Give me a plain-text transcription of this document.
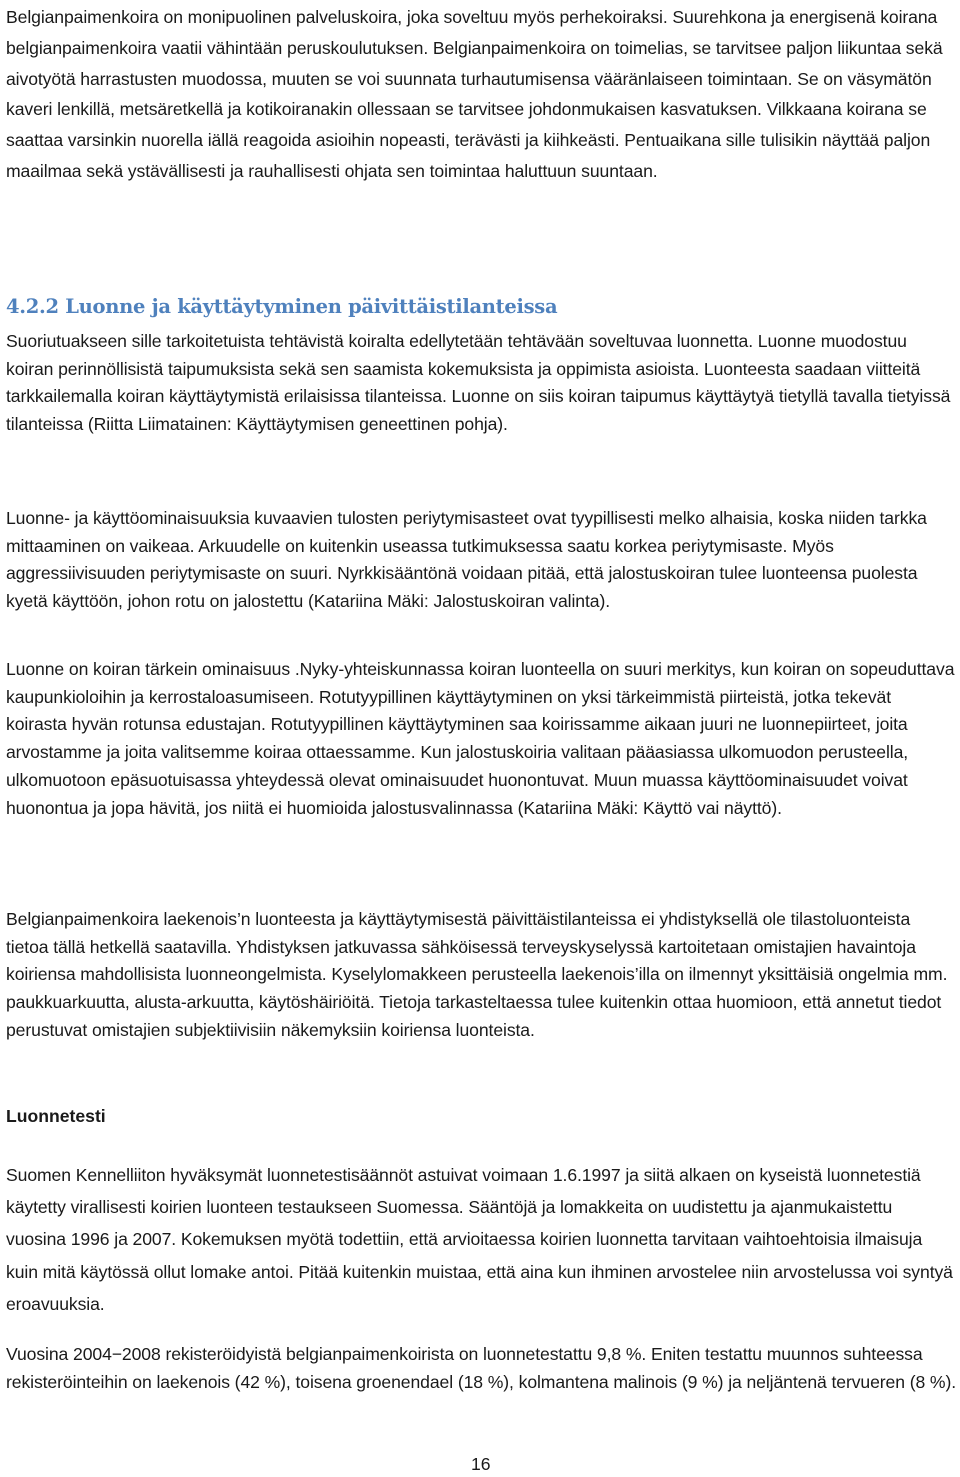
Belgianpaimenkoira on monipuolinen palveluskoira, joka soveltuu myös perhekoiraksi. Suurehkona ja energisenä koirana belgianpaimenkoira vaatii vähintään peruskoulutuksen. Belgianpaimenkoira on toimelias, se tarvitsee paljon liikuntaa sekä aivotyötä harrastusten muodossa, muuten se voi suunnata turhautumisensa vääränlaiseen toimintaan. Se on väsymätön kaveri lenkillä, metsäretkellä ja kotikoiranakin ollessaan se tarvitsee johdonmukaisen kasvatuksen. Vilkkaana koirana se saattaa varsinkin nuorella iällä reagoida asioihin nopeasti, terävästi ja kiihkeästi. Pentuaikana sille tulisikin näyttää paljon maailmaa sekä ystävällisesti ja rauhallisesti ohjata sen toimintaa haluttuun suuntaan.

4.2.2 Luonne ja käyttäytyminen päivittäistilanteissa

Suoriutuakseen sille tarkoitetuista tehtävistä koiralta edellytetään tehtävään soveltuvaa luonnetta. Luonne muodostuu koiran perinnöllisistä taipumuksista sekä sen saamista kokemuksista ja oppimista asioista. Luonteesta saadaan viitteitä tarkkailemalla koiran käyttäytymistä erilaisissa tilanteissa. Luonne on siis koiran taipumus käyttäytyä tietyllä tavalla tietyissä tilanteissa (Riitta Liimatainen: Käyttäytymisen geneettinen pohja).

Luonne- ja käyttöominaisuuksia kuvaavien tulosten periytymisasteet ovat tyypillisesti melko alhaisia, koska niiden tarkka mittaaminen on vaikeaa. Arkuudelle on kuitenkin useassa tutkimuksessa saatu korkea periytymisaste. Myös aggressiivisuuden periytymisaste on suuri. Nyrkkisääntönä voidaan pitää, että jalostuskoiran tulee luonteensa puolesta kyetä käyttöön, johon rotu on jalostettu (Katariina Mäki: Jalostuskoiran valinta).

Luonne on koiran tärkein ominaisuus .Nyky-yhteiskunnassa koiran luonteella on suuri merkitys, kun koiran on sopeuduttava kaupunkioloihin ja kerrostaloasumiseen. Rotutyypillinen käyttäytyminen on yksi tärkeimmistä piirteistä, jotka tekevät koirasta hyvän rotunsa edustajan. Rotutyypillinen käyttäytyminen saa koirissamme aikaan juuri ne luonnepiirteet, joita arvostamme ja joita valitsemme koiraa ottaessamme. Kun jalostuskoiria valitaan pääasiassa ulkomuodon perusteella, ulkomuotoon epäsuotuisassa yhteydessä olevat ominaisuudet huonontuvat. Muun muassa käyttöominaisuudet voivat huonontua ja jopa hävitä, jos niitä ei huomioida jalostusvalinnassa (Katariina Mäki: Käyttö vai näyttö).

Belgianpaimenkoira laekenois’n luonteesta ja käyttäytymisestä päivittäistilanteissa ei yhdistyksellä ole tilastoluonteista tietoa tällä hetkellä saatavilla. Yhdistyksen jatkuvassa sähköisessä terveyskyselyssä kartoitetaan omistajien havaintoja koiriensa mahdollisista luonneongelmista. Kyselylomakkeen perusteella laekenois’illa on ilmennyt yksittäisiä ongelmia mm. paukkuarkuutta, alusta-arkuutta, käytöshäiriöitä. Tietoja tarkasteltaessa tulee kuitenkin ottaa huomioon, että annetut tiedot perustuvat omistajien subjektiivisiin näkemyksiin koiriensa luonteista.

Luonnetesti

Suomen Kennelliiton hyväksymät luonnetestisäännöt astuivat voimaan 1.6.1997 ja siitä alkaen on kyseistä luonnetestiä käytetty virallisesti koirien luonteen testaukseen Suomessa. Sääntöjä ja lomakkeita on uudistettu ja ajanmukaistettu vuosina 1996 ja 2007. Kokemuksen myötä todettiin, että arvioitaessa koirien luonnetta tarvitaan vaihtoehtoisia ilmaisuja kuin mitä käytössä ollut lomake antoi. Pitää kuitenkin muistaa, että aina kun ihminen arvostelee niin arvostelussa voi syntyä eroavuuksia.

Vuosina 2004−2008 rekisteröidyistä belgianpaimenkoirista on luonnetestattu 9,8 %. Eniten testattu muunnos suhteessa rekisteröinteihin on laekenois (42 %), toisena groenendael (18 %), kolmantena malinois (9 %) ja neljäntenä tervueren (8 %).

16
